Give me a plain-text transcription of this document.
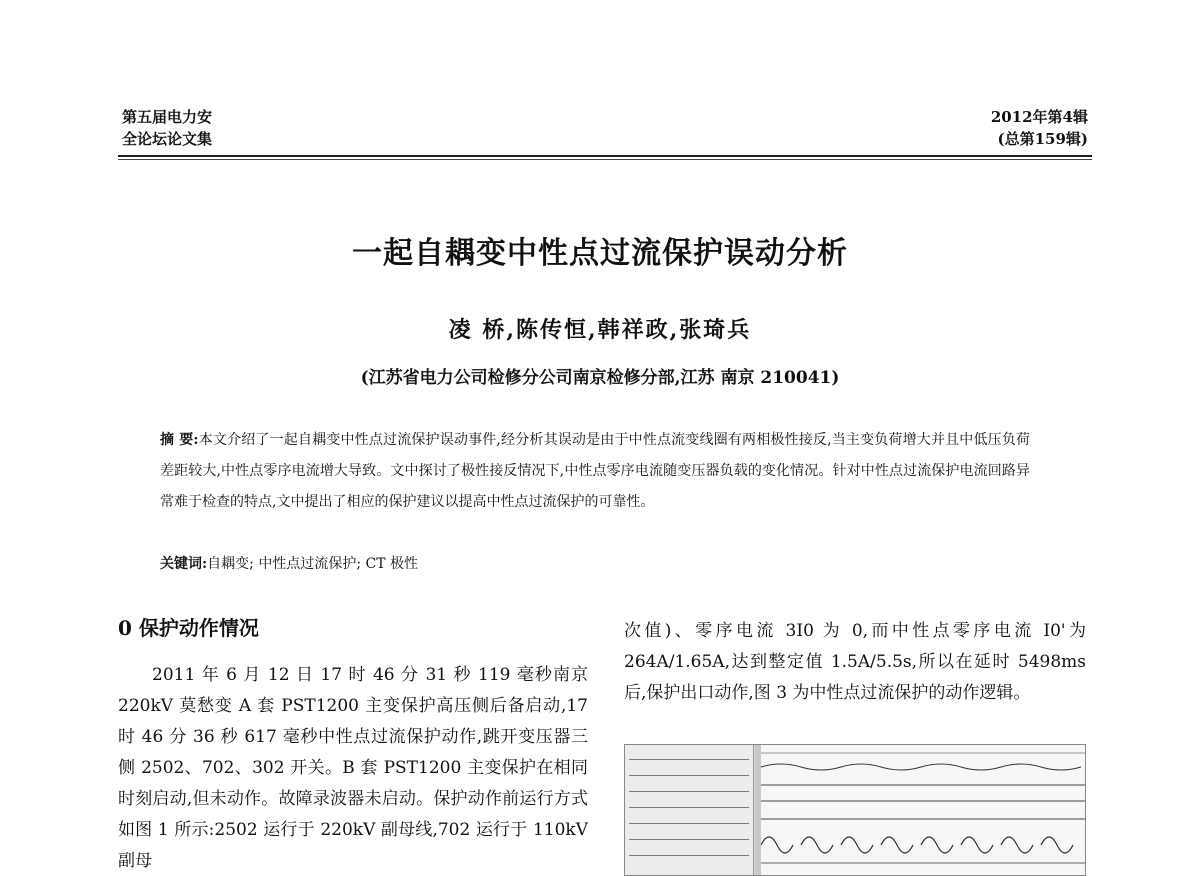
第五届电力安
全论坛论文集
2012年第4辑
(总第159辑)
一起自耦变中性点过流保护误动分析
凌 桥,陈传恒,韩祥政,张琦兵
(江苏省电力公司检修分公司南京检修分部,江苏 南京 210041)
摘 要:本文介绍了一起自耦变中性点过流保护误动事件,经分析其误动是由于中性点流变线圈有两相极性接反,当主变负荷增大并且中低压负荷差距较大,中性点零序电流增大导致。文中探讨了极性接反情况下,中性点零序电流随变压器负载的变化情况。针对中性点过流保护电流回路异常难于检查的特点,文中提出了相应的保护建议以提高中性点过流保护的可靠性。
关键词:自耦变; 中性点过流保护; CT 极性
0 保护动作情况

2011 年 6 月 12 日 17 时 46 分 31 秒 119 毫秒南京 220kV 莫愁变 A 套 PST1200 主变保护高压侧后备启动,17 时 46 分 36 秒 617 毫秒中性点过流保护动作,跳开变压器三侧 2502、702、302 开关。B 套 PST1200 主变保护在相同时刻启动,但未动作。故障录波器未启动。保护动作前运行方式如图 1 所示:2502 运行于 220kV 副母线,702 运行于 110kV 副母

次值)、零序电流 3I0 为 0,而中性点零序电流 I0'为 264A/1.65A,达到整定值 1.5A/5.5s,所以在延时 5498ms 后,保护出口动作,图 3 为中性点过流保护的动作逻辑。
